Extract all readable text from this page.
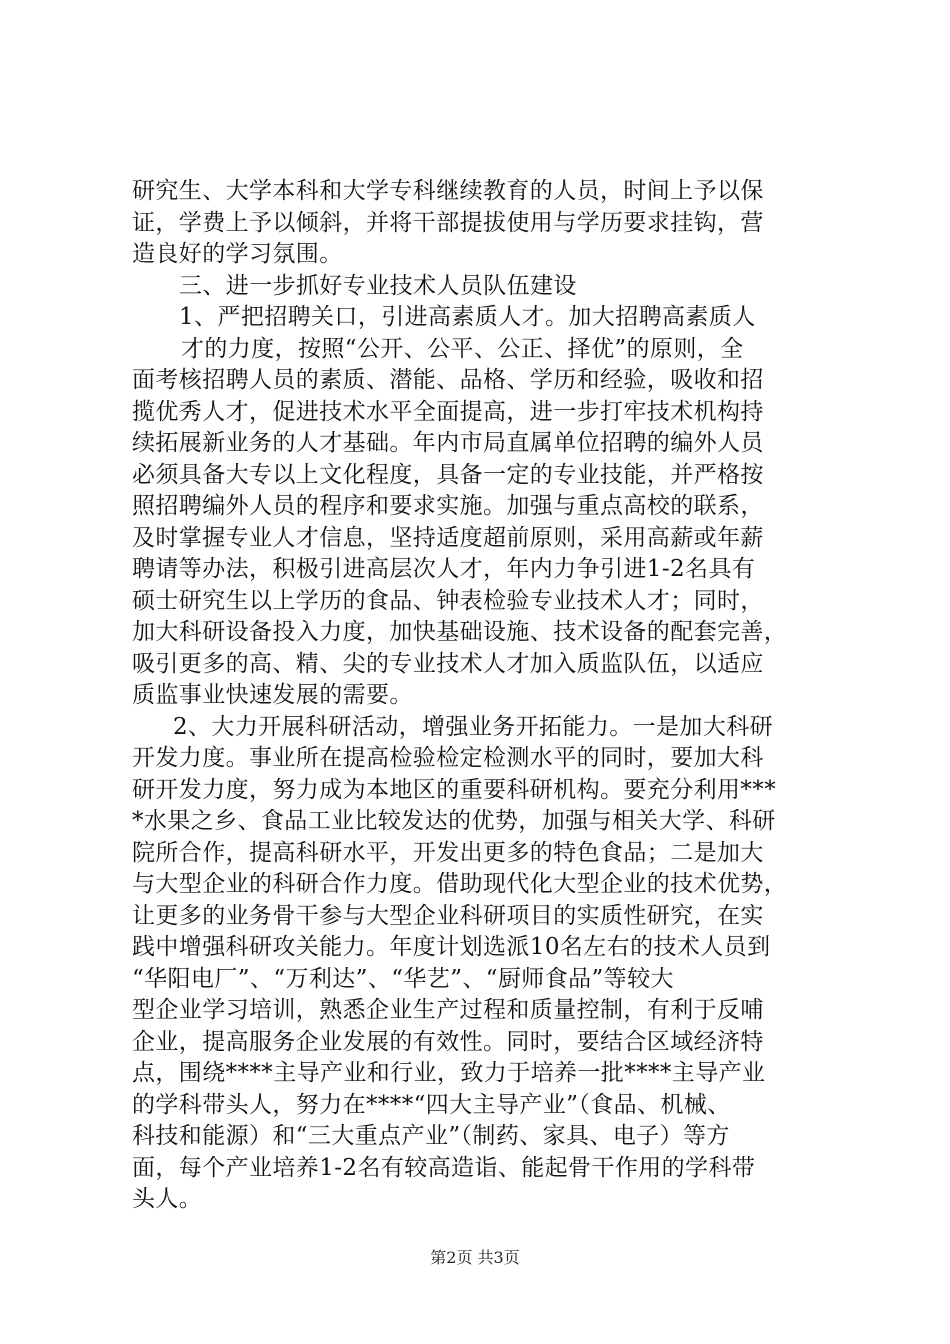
研究生、大学本科和大学专科继续教育的人员，时间上予以保
证，学费上予以倾斜，并将干部提拔使用与学历要求挂钩，营
造良好的学习氛围。
三、进一步抓好专业技术人员队伍建设
1、严把招聘关口，引进高素质人才。加大招聘高素质人
才的力度，按照“公开、公平、公正、择优”的原则，全
面考核招聘人员的素质、潜能、品格、学历和经验，吸收和招
揽优秀人才，促进技术水平全面提高，进一步打牢技术机构持
续拓展新业务的人才基础。年内市局直属单位招聘的编外人员
必须具备大专以上文化程度，具备一定的专业技能，并严格按
照招聘编外人员的程序和要求实施。加强与重点高校的联系，
及时掌握专业人才信息，坚持适度超前原则，采用高薪或年薪
聘请等办法，积极引进高层次人才，年内力争引进1-2名具有
硕士研究生以上学历的食品、钟表检验专业技术人才；同时，
加大科研设备投入力度，加快基础设施、技术设备的配套完善，
吸引更多的高、精、尖的专业技术人才加入质监队伍，以适应
质监事业快速发展的需要。
2、大力开展科研活动，增强业务开拓能力。一是加大科研
开发力度。事业所在提高检验检定检测水平的同时，要加大科
研开发力度，努力成为本地区的重要科研机构。要充分利用***
*水果之乡、食品工业比较发达的优势，加强与相关大学、科研
院所合作，提高科研水平，开发出更多的特色食品；二是加大
与大型企业的科研合作力度。借助现代化大型企业的技术优势，
让更多的业务骨干参与大型企业科研项目的实质性研究，在实
践中增强科研攻关能力。年度计划选派10名左右的技术人员到
“华阳电厂”、“万利达”、“华艺”、“厨师食品”等较大
型企业学习培训，熟悉企业生产过程和质量控制，有利于反哺
企业，提高服务企业发展的有效性。同时，要结合区域经济特
点，围绕****主导产业和行业，致力于培养一批****主导产业
的学科带头人，努力在****“四大主导产业”（食品、机械、
科技和能源）和“三大重点产业”（制药、家具、电子）等方
面，每个产业培养1-2名有较高造诣、能起骨干作用的学科带
头人。
第2页 共3页
